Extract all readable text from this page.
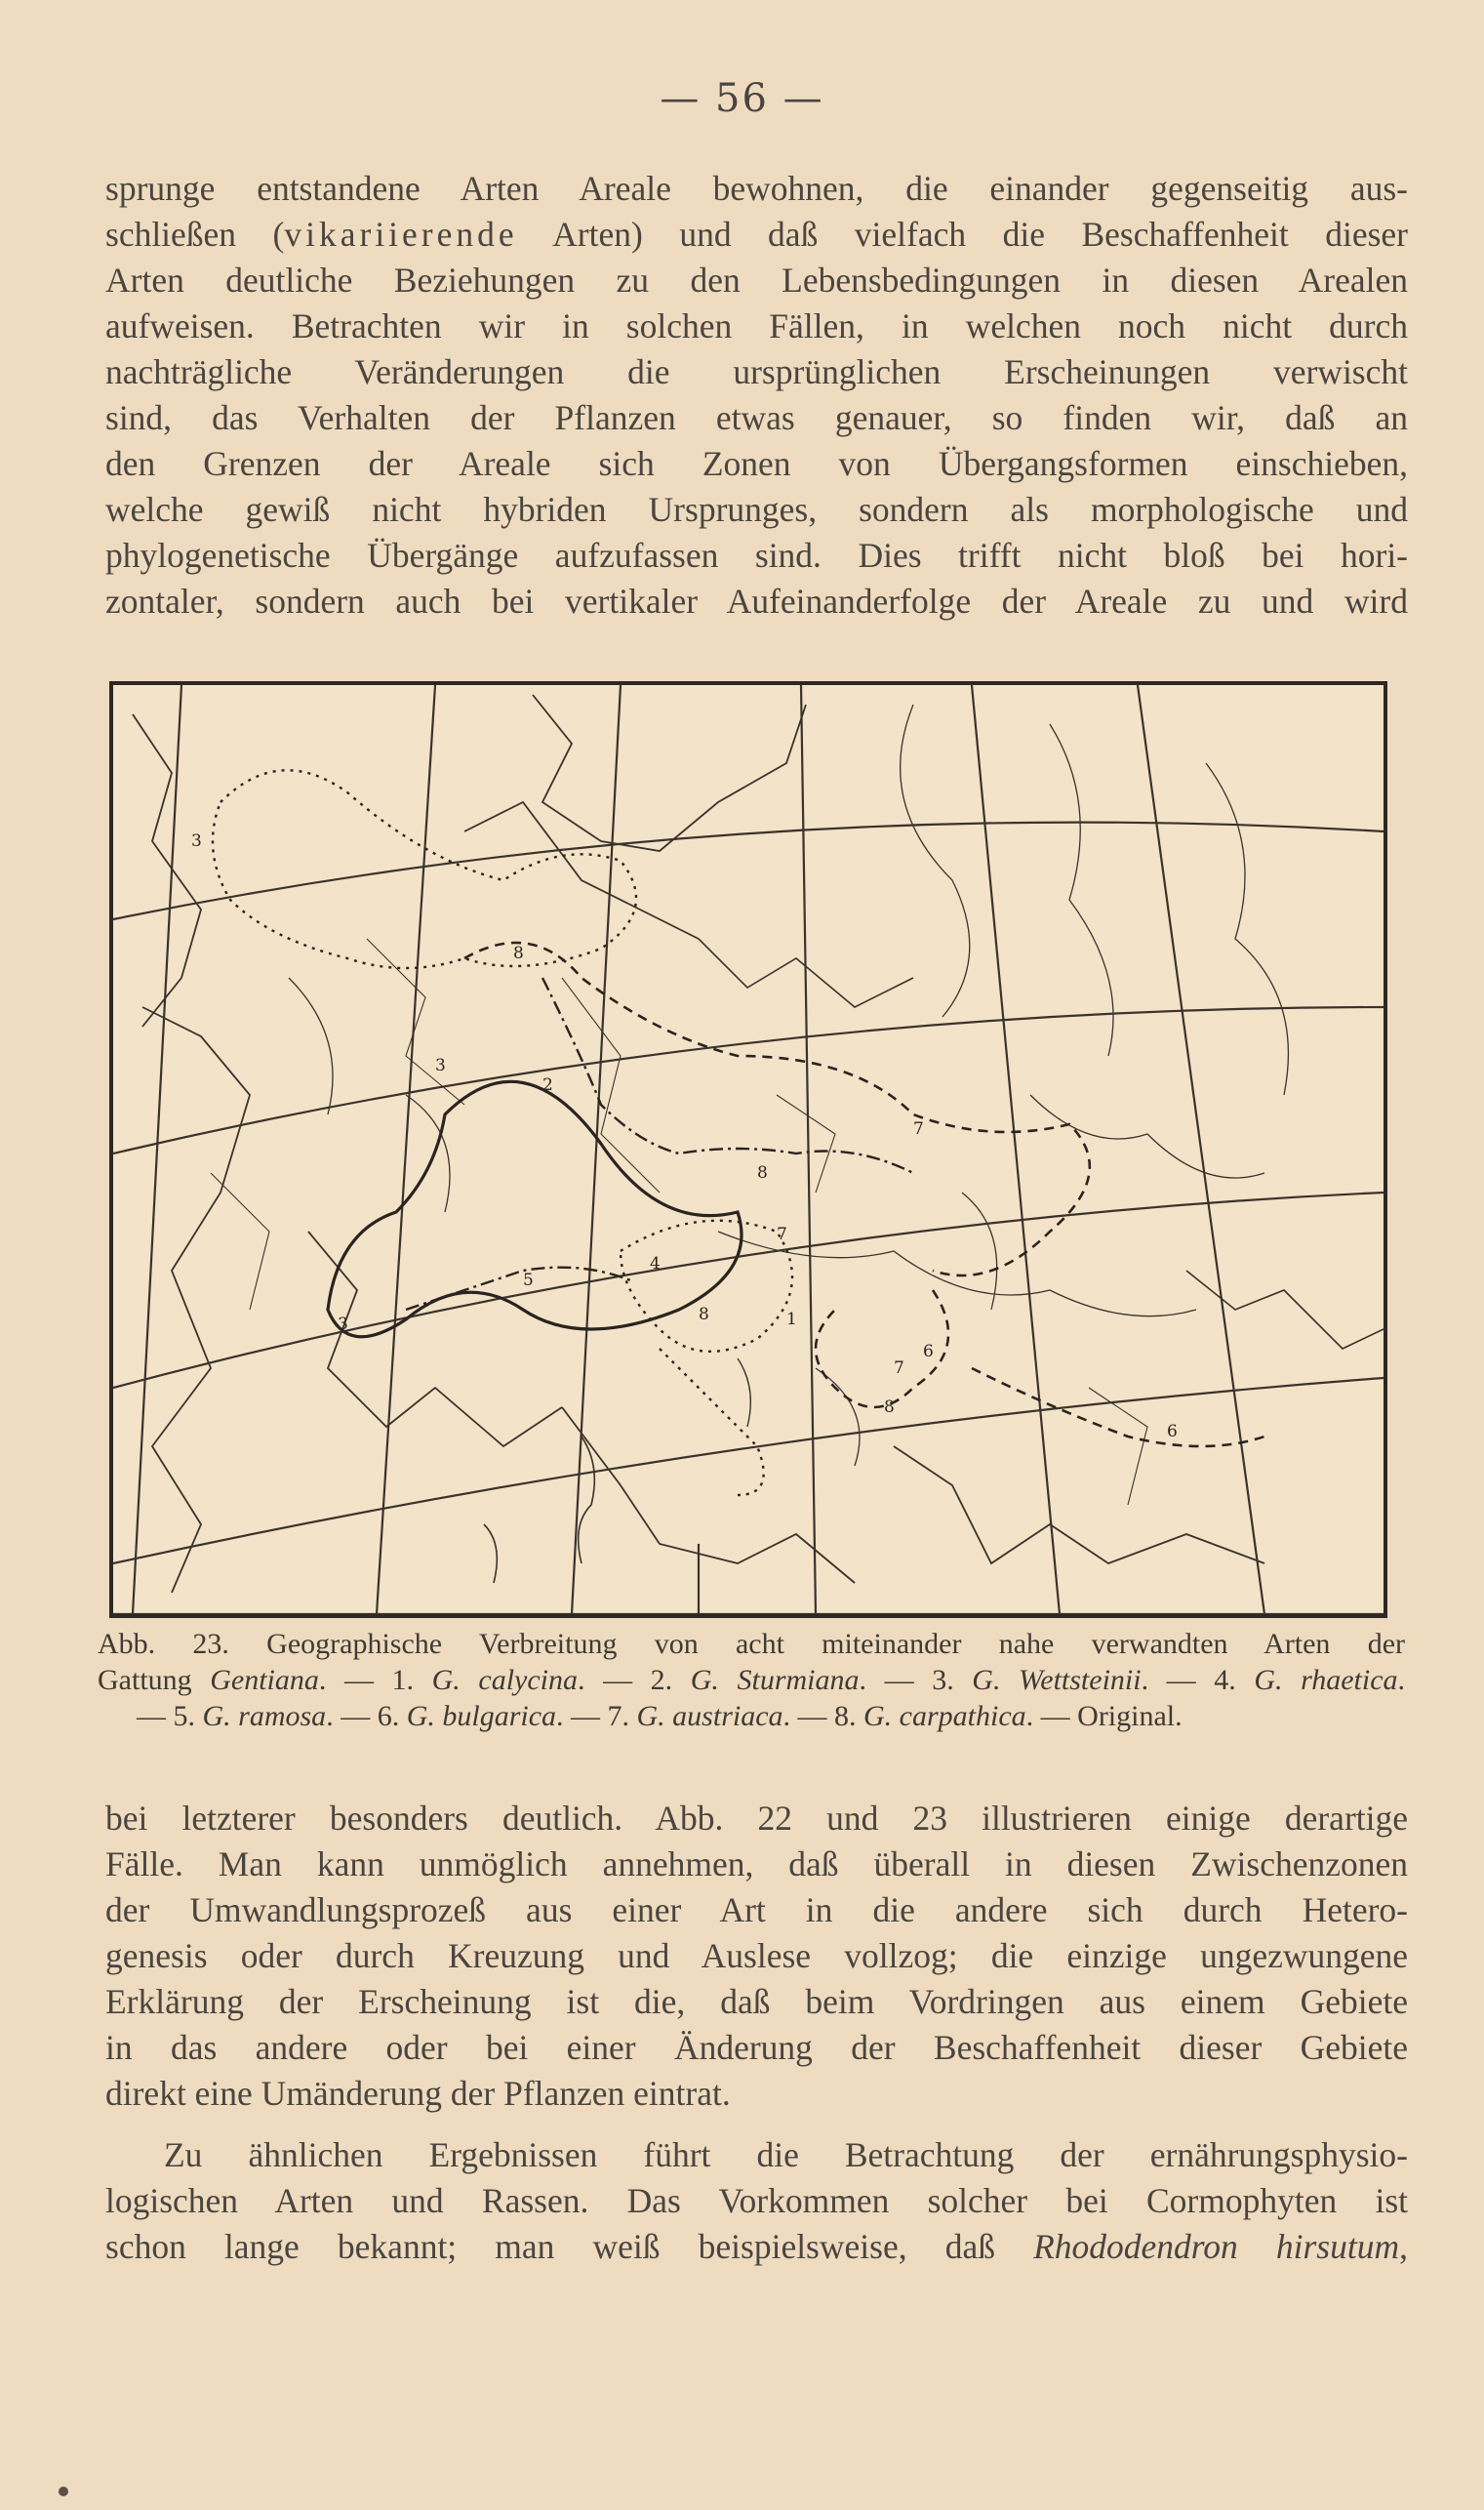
— 56 —

sprunge entstandene Arten Areale bewohnen, die einander gegenseitig aus-
schließen (vikariierende Arten) und daß vielfach die Beschaffenheit dieser
Arten deutliche Beziehungen zu den Lebensbedingungen in diesen Arealen
aufweisen. Betrachten wir in solchen Fällen, in welchen noch nicht durch
nachträgliche Veränderungen die ursprünglichen Erscheinungen verwischt
sind, das Verhalten der Pflanzen etwas genauer, so finden wir, daß an
den Grenzen der Areale sich Zonen von Übergangsformen einschieben,
welche gewiß nicht hybriden Ursprunges, sondern als morphologische und
phylogenetische Übergänge aufzufassen sind. Dies trifft nicht bloß bei hori-
zontaler, sondern auch bei vertikaler Aufeinanderfolge der Areale zu und wird

1
2
3
3
3
4
5
6
6
7
7
7
8
8
8
8

Abb. 23. Geographische Verbreitung von acht miteinander nahe verwandten Arten der
Gattung Gentiana. — 1. G. calycina. — 2. G. Sturmiana. — 3. G. Wettsteinii. — 4. G. rhaetica.
— 5. G. ramosa. — 6. G. bulgarica. — 7. G. austriaca. — 8. G. carpathica. — Original.

bei letzterer besonders deutlich. Abb. 22 und 23 illustrieren einige derartige
Fälle. Man kann unmöglich annehmen, daß überall in diesen Zwischenzonen
der Umwandlungsprozeß aus einer Art in die andere sich durch Hetero-
genesis oder durch Kreuzung und Auslese vollzog; die einzige ungezwungene
Erklärung der Erscheinung ist die, daß beim Vordringen aus einem Gebiete
in das andere oder bei einer Änderung der Beschaffenheit dieser Gebiete
direkt eine Umänderung der Pflanzen eintrat.

Zu ähnlichen Ergebnissen führt die Betrachtung der ernährungsphysio-
logischen Arten und Rassen. Das Vorkommen solcher bei Cormophyten ist
schon lange bekannt; man weiß beispielsweise, daß Rhododendron hirsutum,
